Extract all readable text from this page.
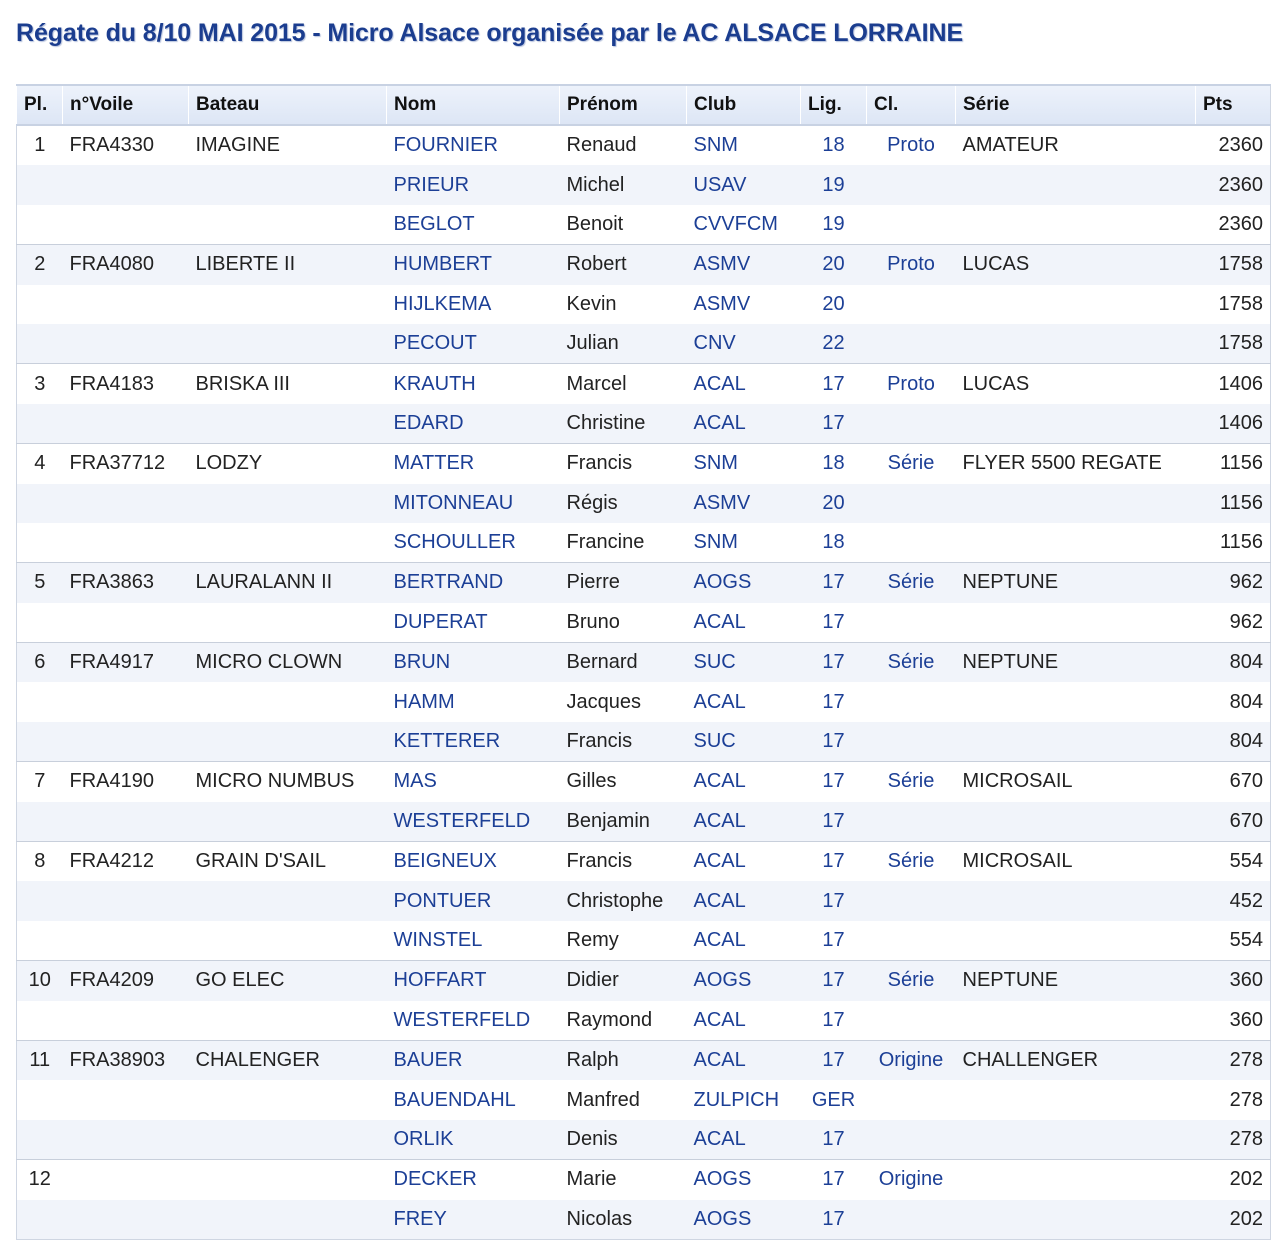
Régate du 8/10 MAI 2015 - Micro Alsace organisée par le AC ALSACE LORRAINE
Pl.	n°Voile	Bateau	Nom	Prénom	Club	Lig.	Cl.	Série	Pts
1	FRA4330	IMAGINE	FOURNIER	Renaud	SNM	18	Proto	AMATEUR	2360
			PRIEUR	Michel	USAV	19			2360
			BEGLOT	Benoit	CVVFCM	19			2360
2	FRA4080	LIBERTE II	HUMBERT	Robert	ASMV	20	Proto	LUCAS	1758
			HIJLKEMA	Kevin	ASMV	20			1758
			PECOUT	Julian	CNV	22			1758
3	FRA4183	BRISKA III	KRAUTH	Marcel	ACAL	17	Proto	LUCAS	1406
			EDARD	Christine	ACAL	17			1406
4	FRA37712	LODZY	MATTER	Francis	SNM	18	Série	FLYER 5500 REGATE	1156
			MITONNEAU	Régis	ASMV	20			1156
			SCHOULLER	Francine	SNM	18			1156
5	FRA3863	LAURALANN II	BERTRAND	Pierre	AOGS	17	Série	NEPTUNE	962
			DUPERAT	Bruno	ACAL	17			962
6	FRA4917	MICRO CLOWN	BRUN	Bernard	SUC	17	Série	NEPTUNE	804
			HAMM	Jacques	ACAL	17			804
			KETTERER	Francis	SUC	17			804
7	FRA4190	MICRO NUMBUS	MAS	Gilles	ACAL	17	Série	MICROSAIL	670
			WESTERFELD	Benjamin	ACAL	17			670
8	FRA4212	GRAIN D'SAIL	BEIGNEUX	Francis	ACAL	17	Série	MICROSAIL	554
			PONTUER	Christophe	ACAL	17			452
			WINSTEL	Remy	ACAL	17			554
10	FRA4209	GO ELEC	HOFFART	Didier	AOGS	17	Série	NEPTUNE	360
			WESTERFELD	Raymond	ACAL	17			360
11	FRA38903	CHALENGER	BAUER	Ralph	ACAL	17	Origine	CHALLENGER	278
			BAUENDAHL	Manfred	ZULPICH	GER			278
			ORLIK	Denis	ACAL	17			278
12			DECKER	Marie	AOGS	17	Origine		202
			FREY	Nicolas	AOGS	17			202
